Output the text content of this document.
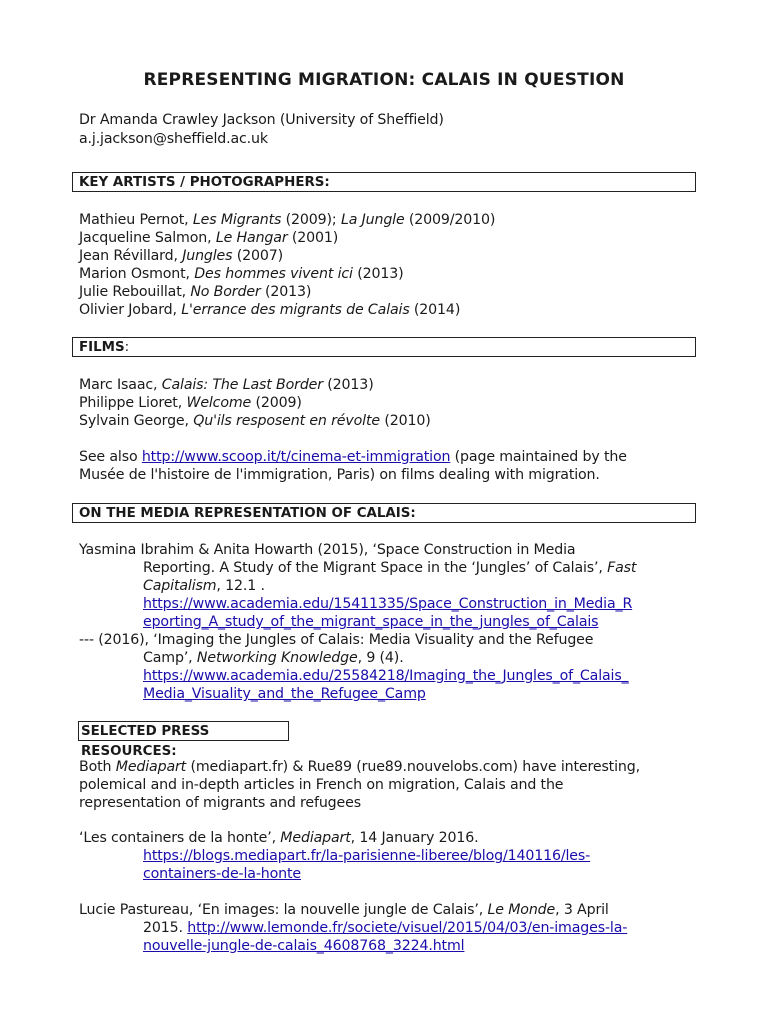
REPRESENTING MIGRATION: CALAIS IN QUESTION
Dr Amanda Crawley Jackson (University of Sheffield)
a.j.jackson@sheffield.ac.uk
KEY ARTISTS / PHOTOGRAPHERS:
Mathieu Pernot, Les Migrants (2009); La Jungle (2009/2010)
Jacqueline Salmon, Le Hangar (2001)
Jean Révillard, Jungles (2007)
Marion Osmont, Des hommes vivent ici (2013)
Julie Rebouillat, No Border (2013)
Olivier Jobard, L'errance des migrants de Calais (2014)
FILMS:
Marc Isaac, Calais: The Last Border (2013)
Philippe Lioret, Welcome (2009)
Sylvain George, Qu'ils resposent en révolte (2010)
See also http://www.scoop.it/t/cinema-et-immigration (page maintained by the
Musée de l'histoire de l'immigration, Paris) on films dealing with migration.
ON THE MEDIA REPRESENTATION OF CALAIS:
Yasmina Ibrahim & Anita Howarth (2015), ‘Space Construction in Media
Reporting. A Study of the Migrant Space in the ‘Jungles’ of Calais’, Fast
Capitalism, 12.1 .
https://www.academia.edu/15411335/Space_Construction_in_Media_R
eporting_A_study_of_the_migrant_space_in_the_jungles_of_Calais
--- (2016), ‘Imaging the Jungles of Calais: Media Visuality and the Refugee
Camp’, Networking Knowledge, 9 (4).
https://www.academia.edu/25584218/Imaging_the_Jungles_of_Calais_
Media_Visuality_and_the_Refugee_Camp
SELECTED PRESS RESOURCES:
Both Mediapart (mediapart.fr) & Rue89 (rue89.nouvelobs.com) have interesting,
polemical and in-depth articles in French on migration, Calais and the
representation of migrants and refugees
‘Les containers de la honte’, Mediapart, 14 January 2016.
https://blogs.mediapart.fr/la-parisienne-liberee/blog/140116/les-
containers-de-la-honte
Lucie Pastureau, ‘En images: la nouvelle jungle de Calais’, Le Monde, 3 April
2015. http://www.lemonde.fr/societe/visuel/2015/04/03/en-images-la-
nouvelle-jungle-de-calais_4608768_3224.html
